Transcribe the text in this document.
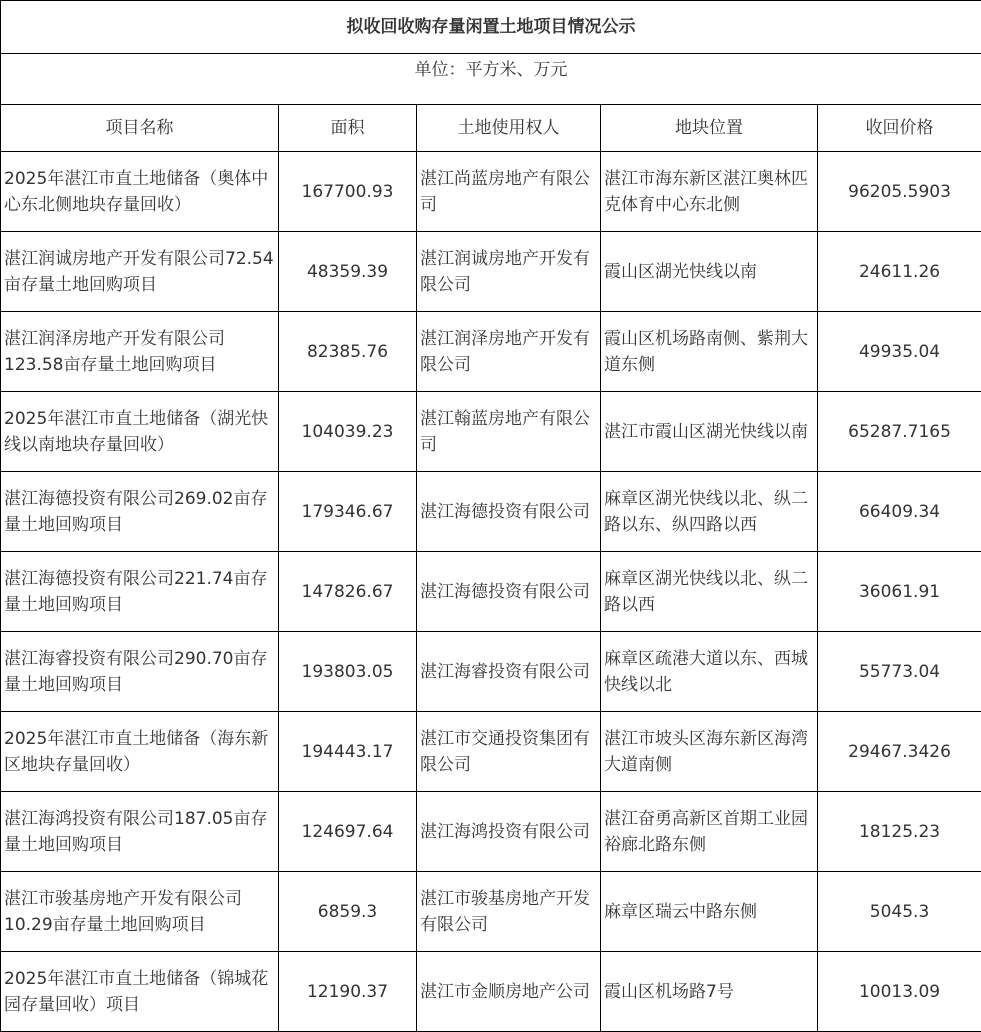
拟收回收购存量闲置土地项目情况公示				
单位：平方米、万元				
项目名称	面积	土地使用权人	地块位置	收回价格
2025年湛江市直土地储备（奥体中心东北侧地块存量回收）	167700.93	湛江尚蓝房地产有限公司	湛江市海东新区湛江奥林匹克体育中心东北侧	96205.5903
湛江润诚房地产开发有限公司72.54亩存量土地回购项目	48359.39	湛江润诚房地产开发有限公司	霞山区湖光快线以南	24611.26
湛江润泽房地产开发有限公司123.58亩存量土地回购项目	82385.76	湛江润泽房地产开发有限公司	霞山区机场路南侧、紫荆大道东侧	49935.04
2025年湛江市直土地储备（湖光快线以南地块存量回收）	104039.23	湛江翰蓝房地产有限公司	湛江市霞山区湖光快线以南	65287.7165
湛江海德投资有限公司269.02亩存量土地回购项目	179346.67	湛江海德投资有限公司	麻章区湖光快线以北、纵二路以东、纵四路以西	66409.34
湛江海德投资有限公司221.74亩存量土地回购项目	147826.67	湛江海德投资有限公司	麻章区湖光快线以北、纵二路以西	36061.91
湛江海睿投资有限公司290.70亩存量土地回购项目	193803.05	湛江海睿投资有限公司	麻章区疏港大道以东、西城快线以北	55773.04
2025年湛江市直土地储备（海东新区地块存量回收）	194443.17	湛江市交通投资集团有限公司	湛江市坡头区海东新区海湾大道南侧	29467.3426
湛江海鸿投资有限公司187.05亩存量土地回购项目	124697.64	湛江海鸿投资有限公司	湛江奋勇高新区首期工业园裕廊北路东侧	18125.23
湛江市骏基房地产开发有限公司10.29亩存量土地回购项目	6859.3	湛江市骏基房地产开发有限公司	麻章区瑞云中路东侧	5045.3
2025年湛江市直土地储备（锦城花园存量回收）项目	12190.37	湛江市金顺房地产公司	霞山区机场路7号	10013.09
